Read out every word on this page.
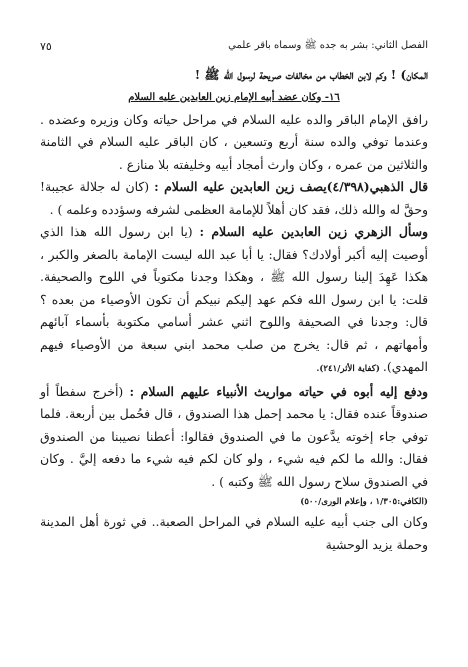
الفصل الثاني: بشر به جده ﷺ وسماه باقر علمي
٧٥

المكان) ! وكم لابن الخطاب من مخالفات صريحة لرسول الله ﷺ !

١٦- وكان عضد أبيه الإمام زين العابدين عليه السلام

رافق الإمام الباقر والده عليه السلام في مراحل حياته وكان وزيره وعضده . وعندما توفي والده سنة أربع وتسعين ، كان الباقر عليه السلام في الثامنة والثلاثين من عمره ، وكان وارث أمجاد أبيه وخليفته بلا منازع .

قال الذهبي(٤/٣٩٨)يصف زين العابدين عليه السلام : (كان له جلالة عجيبة! وحقَّ له والله ذلك، فقد كان أهلاً للإمامة العظمى لشرفه وسؤدده وعلمه ) .

وسأل الزهري زين العابدين عليه السلام : (يا ابن رسول الله هذا الذي أوصيت إليه أكبر أولادك؟ فقال: يا أبا عبد الله ليست الإمامة بالصغر والكبر ، هكذا عَهِدَ إلينا رسول الله ﷺ ، وهكذا وجدنا مكتوباً في اللوح والصحيفة. قلت: يا ابن رسول الله فكم عهد إليكم نبيكم أن تكون الأوصياء من بعده ؟ قال: وجدنا في الصحيفة واللوح اثني عشر أسامي مكتوبة بأسماء آبائهم وأمهاتهم ، ثم قال: يخرج من صلب محمد ابني سبعة من الأوصياء فيهم المهدي). (كفاية الأثر/٢٤١).

ودفع إليه أبوه في حياته مواريث الأنبياء عليهم السلام : (أخرج سفطاً أو صندوقاً عنده فقال: يا محمد إحمل هذا الصندوق ، قال فحُمل بين أربعة. فلما توفي جاء إخوته يدَّعون ما في الصندوق فقالوا: أعطنا نصيبنا من الصندوق فقال: والله ما لكم فيه شيء ، ولو كان لكم فيه شيء ما دفعه إليَّ . وكان في الصندوق سلاح رسول الله ﷺ وكتبه ) .

(الكافي:١/٣٠٥ ، وإعلام الورى/٥٠٠)

وكان الى جنب أبيه عليه السلام في المراحل الصعبة.. في ثورة أهل المدينة وحملة يزيد الوحشية
